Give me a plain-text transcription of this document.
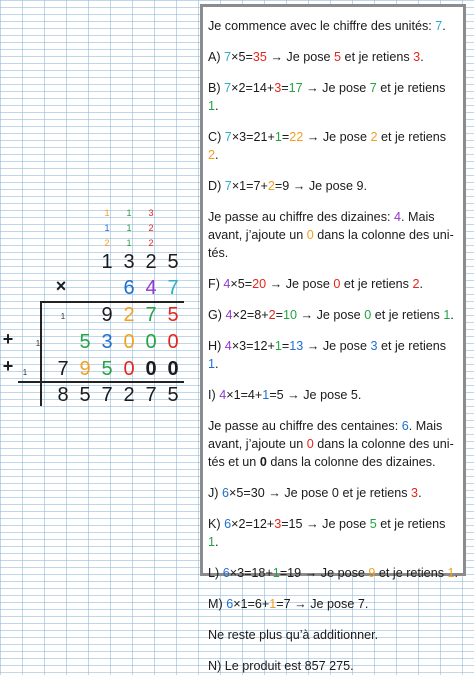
1	1	3
1	1	2
2	1	2
1 3 2 5
×	6 4 7
1	9 2 7 5
+	1	5 3 0 0 0
+	1	7 9 5 0 0 0
8 5 7 2 7 5
Je commence avec le chiffre des unités: 7.
A) 7×5=35 → Je pose 5 et je retiens 3.
B) 7×2=14+3=17 → Je pose 7 et je retiens 1.
C) 7×3=21+1=22 → Je pose 2 et je retiens 2.
D) 7×1=7+2=9 → Je pose 9.
Je passe au chiffre des dizaines: 4. Mais avant, j’ajoute un 0 dans la colonne des uni-tés.
F) 4×5=20 → Je pose 0 et je retiens 2.
G) 4×2=8+2=10 → Je pose 0 et je retiens 1.
H) 4×3=12+1=13 → Je pose 3 et je retiens 1.
I) 4×1=4+1=5 → Je pose 5.
Je passe au chiffre des centaines: 6. Mais avant, j’ajoute un 0 dans la colonne des uni-tés et un 0 dans la colonne des dizaines.
J) 6×5=30 → Je pose 0 et je retiens 3.
K) 6×2=12+3=15 → Je pose 5 et je retiens 1.
L) 6×3=18+1=19 → Je pose 9 et je retiens 1.
M) 6×1=6+1=7 → Je pose 7.
Ne reste plus qu’à additionner.
N) Le produit est 857 275.
